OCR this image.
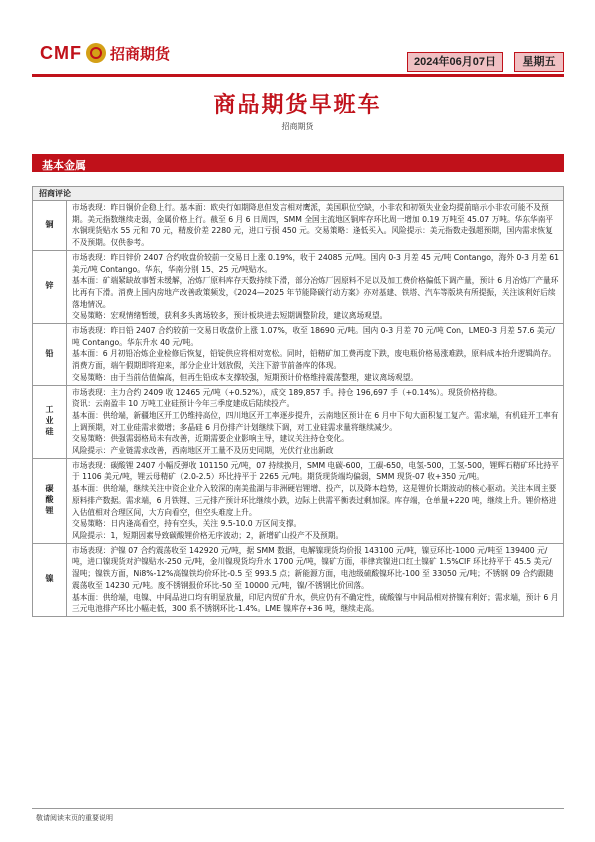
CMF 招商期货	2024年06月07日	星期五
商品期货早班车
招商期货
基本金属
招商评论
铜

市场表现：昨日铜价企稳上行。基本面：欧央行如期降息但发言相对鹰派，美国职位空缺，小非农和初领失业金均提前暗示小非农可能不及预期。美元指数继续走弱，金属价格上行。截至 6 月 6 日周四，SMM 全国主流地区铜库存环比周一增加 0.19 万吨至 45.07 万吨。华东华南平水铜现货贴水 55 元和 70 元，精废价差 2280 元，进口亏损 450 元。交易策略：逢低买入。风险提示：美元指数走强超预期，国内需求恢复不及预期。仅供参考。

锌

市场表现：昨日锌价 2407 合约收盘价较前一交易日上涨 0.19%，收于 24085 元/吨。国内 0-3 月差 45 元/吨 Contango，海外 0-3 月差 61 美元/吨 Contango。华东，华南分别 15、25 元/吨贴水。

基本面：矿端紧缺故事暂未缓解，冶炼厂原料库存天数持续下滑，部分冶炼厂因原料不足以及加工费价格偏低下调产量，预计 6 月冶炼厂产量环比再有下滑。消费上国内房地产改善政策频发，《2024—2025 年节能降碳行动方案》亦对基建、铁塔、汽车等版块有所提振，关注该利好后续落地情况。

交易策略：宏观情绪暂缓，获利多头离场较多，预计板块进去短期调整阶段，建议离场观望。

铅

市场表现：昨日铅 2407 合约较前一交易日收盘价上涨 1.07%，收至 18690 元/吨。国内 0-3 月差 70 元/吨 Con，LME0-3 月差 57.6 美元/吨 Contango。华东升水 40 元/吨。

基本面：6 月初铅冶炼企业检修后恢复，铅锭供应将相对宽松。同时，铅精矿加工费再度下跌，废电瓶价格易涨难跌，原料成本抬升逻辑尚存。消费方面，端午假期即将迎来，部分企业计划放假，关注下游节前备库的体现。

交易策略：由于当前估值偏高，但再生铅成本支撑较强，短期预计价格维持震荡整理，建议离场观望。

工业硅

市场表现：主力合约 2409 收 12465 元/吨（+0.52%），成交 189,857 手。持仓 196,697 手（+0.14%）。现货价格持稳。

资讯：云南盈丰 10 万吨工业硅预计今年三季度建成后陆续投产。

基本面：供给端，新疆地区开工仍维持高位，四川地区开工率逐步提升，云南地区预计在 6 月中下旬大面积复工复产。需求端，有机硅开工率有上调预期，对工业硅需求微增；多晶硅 6 月份排产计划继续下调，对工业硅需求量将继续减少。

交易策略：供强需弱格局未有改善，近期需要企业影响主导，建议关注持仓变化。

风险提示：产业链需求改善，西南地区开工量不及历史同期，光伏行业出新政

碳酸锂

市场表现：碳酸锂 2407 小幅反弹收 101150 元/吨，07 持续换月，SMM 电碳-600，工碳-650，电氢-500，工氢-500，锂辉石精矿环比持平于 1106 美元/吨，锂云母精矿（2.0-2.5）环比持平于 2265 元/吨。期货现货端均偏弱，SMM 现货-07 收+350 元/吨。

基本面：供给端，继续关注中资企业介入较深的南美盐湖与非洲硬岩锂增、投产，以及降本趋势，这是锂价长期波动的核心驱动。关注本周主要原料排产数据。需求端，6 月铁锂、三元排产预计环比继续小跌，边际上供需平衡表过剩加深。库存端，仓单量+220 吨，继续上升。锂价格进入估值相对合理区间，大方向看空，但空头难度上升。

交易策略：日内逢高看空，持有空头，关注 9.5-10.0 万区间支撑。

风险提示：1，短期因素导致碳酸锂价格无序波动；2，新增矿山投产不及预期。

镍

市场表现：沪镍 07 合约震荡收至 142920 元/吨，据 SMM 数据，电解镍现货均价报 143100 元/吨，镍豆环比-1000 元/吨至 139400 元/吨，进口镍现货对沪镍贴水-250 元/吨，金川镍现货均升水 1700 元/吨，镍矿方面，菲律宾镍进口红土镍矿 1.5%CIF 环比持平于 45.5 美元/湿吨；镍铁方面，Ni8%-12%高镍铁均价环比-0.5 至 993.5 点；新能源方面，电池级硫酸镍环比-100 至 33050 元/吨；不锈钢 09 合约跟随震荡收至 14230 元/吨。废不锈钢报价环比-50 至 10000 元/吨，镍/不锈钢比价回落。

基本面：供给端，电镍、中间品进口均有明显放量，印尼内贸矿升水，供应仍有不确定性，硫酸镍与中间品相对挤镍有利好；需求端，预计 6 月三元电池排产环比小幅走低，300 系不锈钢环比-1.4%。LME 镍库存+36 吨，继续走高。

敬请阅读末页的重要说明
